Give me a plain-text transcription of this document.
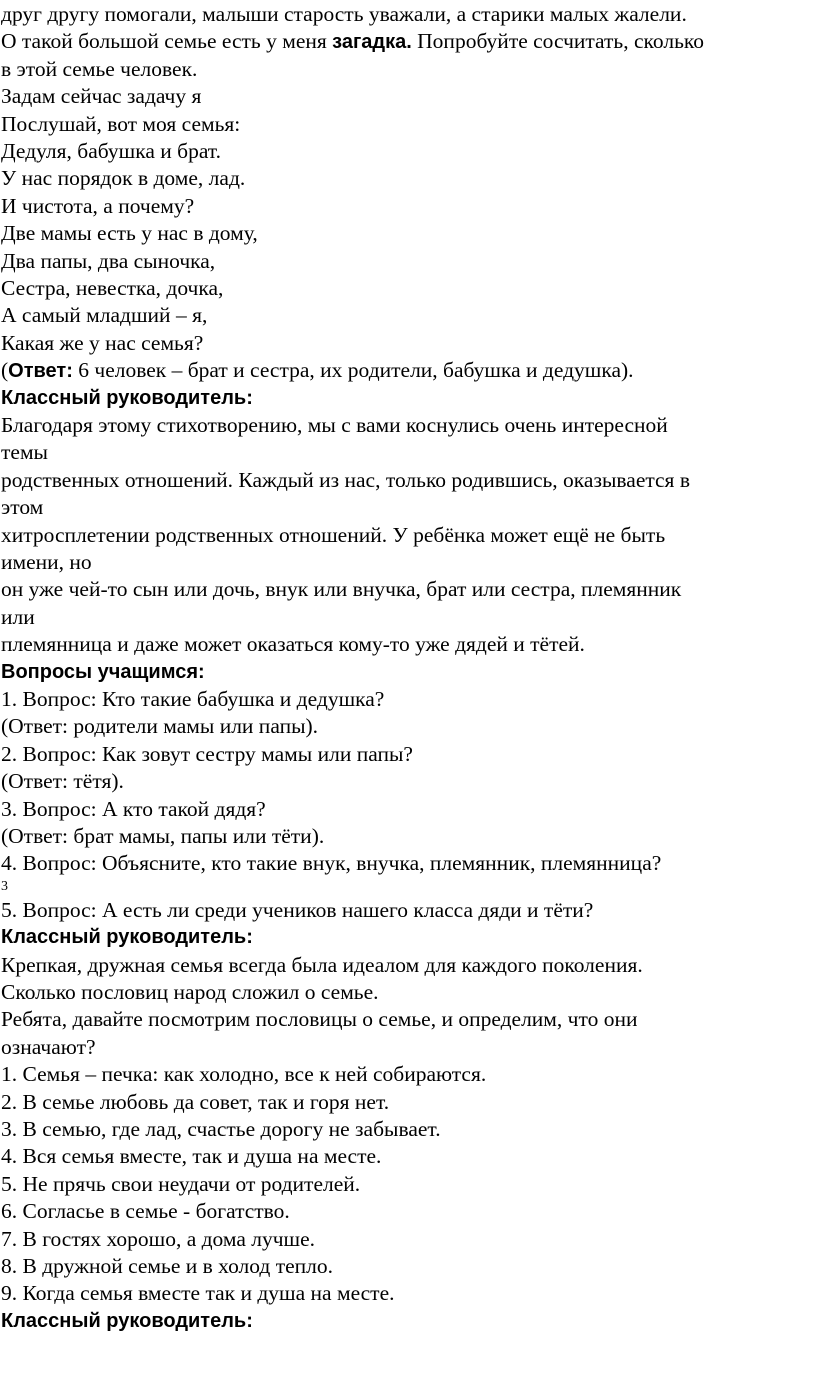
друг другу помогали, малыши старость уважали, а старики малых жалели.
О такой большой семье есть у меня загадка. Попробуйте сосчитать, сколько
в этой семье человек.
Задам сейчас задачу я
Послушай, вот моя семья:
Дедуля, бабушка и брат.
У нас порядок в доме, лад.
И чистота, а почему?
Две мамы есть у нас в дому,
Два папы, два сыночка,
Сестра, невестка, дочка,
А самый младший – я,
Какая же у нас семья?
(Ответ: 6 человек – брат и сестра, их родители, бабушка и дедушка).
Классный руководитель:
Благодаря этому стихотворению, мы с вами коснулись очень интересной
темы
родственных отношений. Каждый из нас, только родившись, оказывается в
этом
хитросплетении родственных отношений. У ребёнка может ещё не быть
имени, но
он уже чей-то сын или дочь, внук или внучка, брат или сестра, племянник
или
племянница и даже может оказаться кому-то уже дядей и тётей.
Вопросы учащимся:
1. Вопрос: Кто такие бабушка и дедушка?
(Ответ: родители мамы или папы).
2. Вопрос: Как зовут сестру мамы или папы?
(Ответ: тётя).
3. Вопрос: А кто такой дядя?
(Ответ: брат мамы, папы или тёти).
4. Вопрос: Объясните, кто такие внук, внучка, племянник, племянница?
3
5. Вопрос: А есть ли среди учеников нашего класса дяди и тёти?
Классный руководитель:
Крепкая, дружная семья всегда была идеалом для каждого поколения.
Сколько пословиц народ сложил о семье.
Ребята, давайте посмотрим пословицы о семье, и определим, что они
означают?
1. Семья – печка: как холодно, все к ней собираются.
2. В семье любовь да совет, так и горя нет.
3. В семью, где лад, счастье дорогу не забывает.
4. Вся семья вместе, так и душа на месте.
5. Не прячь свои неудачи от родителей.
6. Согласье в семье - богатство.
7. В гостях хорошо, а дома лучше.
8. В дружной семье и в холод тепло.
9. Когда семья вместе так и душа на месте.
Классный руководитель:
